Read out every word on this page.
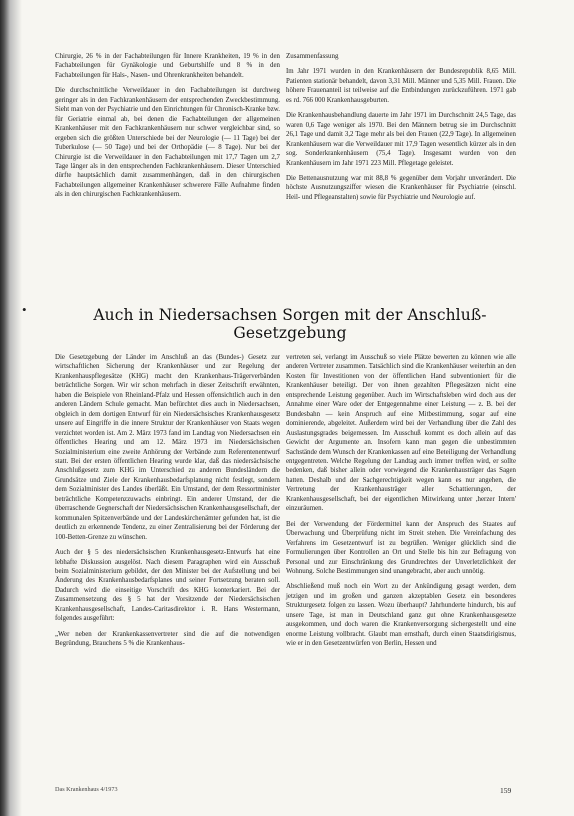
Chirurgie, 26 % in der Fachabteilungen für Innere Krankheiten, 19 % in den Fachabteilungen für Gynäkologie und Geburtshilfe und 8 % in den Fachabteilungen für Hals-, Nasen- und Ohrenkrankheiten behandelt.

Die durchschnittliche Verweildauer in den Fachabteilungen ist durchweg geringer als in den Fachkrankenhäusern der entsprechenden Zweckbestimmung. Sieht man von der Psychiatrie und den Einrichtungen für Chronisch-Kranke bzw. für Geriatrie einmal ab, bei denen die Fachabteilungen der allgemeinen Krankenhäuser mit den Fachkrankenhäusern nur schwer vergleichbar sind, so ergeben sich die größten Unterschiede bei der Neurologie (— 11 Tage) bei der Tuberkulose (— 50 Tage) und bei der Orthopädie (— 8 Tage). Nur bei der Chirurgie ist die Verweildauer in den Fachabteilungen mit 17,7 Tagen um 2,7 Tage länger als in den entsprechenden Fachkrankenhäusern. Dieser Unterschied dürfte hauptsächlich damit zusammenhängen, daß in den chirurgischen Fachabteilungen allgemeiner Krankenhäuser schwerere Fälle Aufnahme finden als in den chirurgischen Fachkrankenhäusern.

Zusammenfassung

Im Jahr 1971 wurden in den Krankenhäusern der Bundesrepublik 8,65 Mill. Patienten stationär behandelt, davon 3,31 Mill. Männer und 5,35 Mill. Frauen. Die höhere Frauenanteil ist teilweise auf die Entbindungen zurückzuführen. 1971 gab es rd. 766 000 Krankenhausgeburten.

Die Krankenhausbehandlung dauerte im Jahr 1971 im Durchschnitt 24,5 Tage, das waren 0,6 Tage weniger als 1970. Bei den Männern betrug sie im Durchschnitt 26,1 Tage und damit 3,2 Tage mehr als bei den Frauen (22,9 Tage). In allgemeinen Krankenhäusern war die Verweildauer mit 17,9 Tagen wesentlich kürzer als in den sog. Sonderkrankenhäusern (75,4 Tage). Insgesamt wurden von den Krankenhäusern im Jahr 1971 223 Mill. Pflegetage geleistet.

Die Bettenausnutzung war mit 88,8 % gegenüber dem Vorjahr unverändert. Die höchste Ausnutzungsziffer wiesen die Krankenhäuser für Psychiatrie (einschl. Heil- und Pflegeanstalten) sowie für Psychiatrie und Neurologie auf.

•	Auch in Niedersachsen Sorgen mit der Anschluß-Gesetzgebung

Die Gesetzgebung der Länder im Anschluß an das (Bundes-) Gesetz zur wirtschaftlichen Sicherung der Krankenhäuser und zur Regelung der Krankenhauspflegesätze (KHG) macht den Krankenhaus-Trägerverbänden beträchtliche Sorgen. Wir wir schon mehrfach in dieser Zeitschrift erwähnten, haben die Beispiele von Rheinland-Pfalz und Hessen offensichtlich auch in den anderen Ländern Schule gemacht. Man befürchtet dies auch in Niedersachsen, obgleich in dem dortigen Entwurf für ein Niedersächsisches Krankenhausgesetz unsere auf Eingriffe in die innere Struktur der Krankenhäuser von Staats wegen verzichtet worden ist. Am 2. März 1973 fand im Landtag von Niedersachsen ein öffentliches Hearing und am 12. März 1973 im Niedersächsischen Sozialministerium eine zweite Anhörung der Verbände zum Referentenentwurf statt. Bei der ersten öffentlichen Hearing wurde klar, daß das niedersächsische Anschlußgesetz zum KHG im Unterschied zu anderen Bundesländern die Grundsätze und Ziele der Krankenhausbedarfsplanung nicht festlegt, sondern dem Sozialminister des Landes überläßt. Ein Umstand, der dem Ressortminister beträchtliche Kompetenzzuwachs einbringt. Ein anderer Umstand, der die überraschende Gegnerschaft der Niedersächsischen Krankenhausgesellschaft, der kommunalen Spitzenverbände und der Landeskirchenämter gefunden hat, ist die deutlich zu erkennende Tendenz, zu einer Zentralisierung bei der Förderung der 100-Betten-Grenze zu wünschen.

Auch der § 5 des niedersächsischen Krankenhausgesetz-Entwurfs hat eine lebhafte Diskussion ausgelöst. Nach diesem Paragraphen wird ein Ausschuß beim Sozialministerium gebildet, der den Minister bei der Aufstellung und bei Änderung des Krankenhausbedarfsplanes und seiner Fortsetzung beraten soll. Dadurch wird die einseitige Vorschrift des KHG konterkariert. Bei der Zusammensetzung des § 5 hat der Vorsitzende der Niedersächsischen Krankenhausgesellschaft, Landes-Caritasdirektor i. R. Hans Westermann, folgendes ausgeführt:

„Wer neben der Krankenkassenvertreter sind die auf die notwendigen Begründung, Brauchens 5 % die Krankenhaus-

vertreten sei, verlangt im Ausschuß so viele Plätze bewerten zu können wie alle anderen Vertreter zusammen. Tatsächlich sind die Krankenhäuser weiterhin an den Kosten für Investitionen von der öffentlichen Hand subventioniert für die Krankenhäuser beteiligt. Der von ihnen gezahlten Pflegesätzen nicht eine entsprechende Leistung gegenüber. Auch im Wirtschaftsleben wird doch aus der Annahme einer Ware oder der Entgegennahme einer Leistung — z. B. bei der Bundesbahn — kein Anspruch auf eine Mitbestimmung, sogar auf eine dominierende, abgeleitet. Außerdem wird bei der Verhandlung über die Zahl des Auslastungsgrades beigemessen. Im Ausschuß kommt es doch allein auf das Gewicht der Argumente an. Insofern kann man gegen die unbestimmten Sachstände dem Wunsch der Krankenkassen auf eine Beteiligung der Verhandlung entgegentreten. Welche Regelung der Landtag auch immer treffen wird, er sollte bedenken, daß bisher allein oder vorwiegend die Krankenhausträger das Sagen hatten. Deshalb und der Sachgerechtigkeit wegen kann es nur angehen, die Vertretung der Krankenhausträger aller Schattierungen, der Krankenhausgesellschaft, bei der eigentlichen Mitwirkung unter ,herzer Intern' einzuräumen.

Bei der Verwendung der Fördermittel kann der Anspruch des Staates auf Überwachung und Überprüfung nicht im Streit stehen. Die Vereinfachung des Verfahrens im Gesetzentwurf ist zu begrüßen. Weniger glücklich sind die Formulierungen über Kontrollen an Ort und Stelle bis hin zur Befragung von Personal und zur Einschränkung des Grundrechtes der Unverletzlichkeit der Wohnung. Solche Bestimmungen sind unangebracht, aber auch unnötig.

Abschließend muß noch ein Wort zu der Ankündigung gesagt werden, dem jetzigen und im großen und ganzen akzeptablen Gesetz ein besonderes Strukturgesetz folgen zu lassen. Wozu überhaupt? Jahrhunderte hindurch, bis auf unsere Tage, ist man in Deutschland ganz gut ohne Krankenhausgesetze ausgekommen, und doch waren die Krankenversorgung sichergestellt und eine enorme Leistung vollbracht. Glaubt man ernsthaft, durch einen Staatsdirigismus, wie er in den Gesetzentwürfen von Berlin, Hessen und

Das Krankenhaus 4/1973	159
